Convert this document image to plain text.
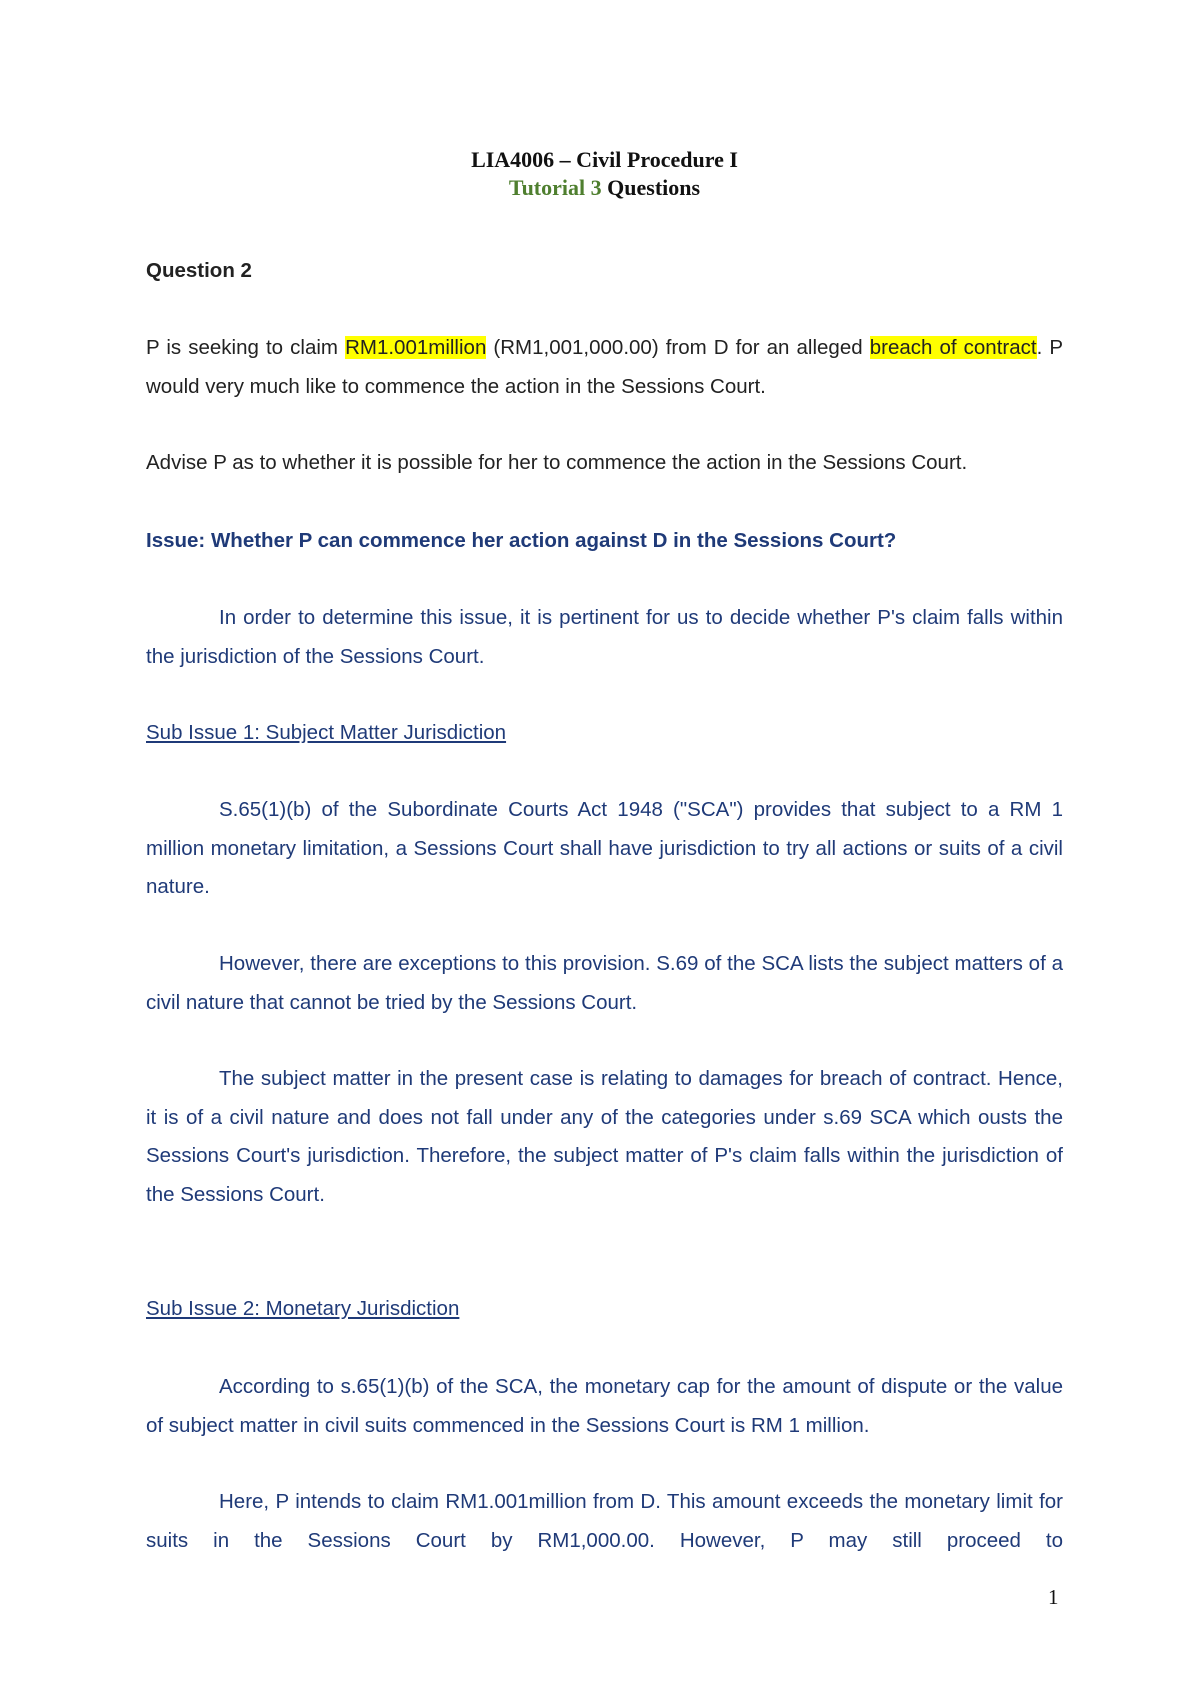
LIA4006 – Civil Procedure I
Tutorial 3 Questions
Question 2
P is seeking to claim RM1.001million (RM1,001,000.00) from D for an alleged breach of contract. P would very much like to commence the action in the Sessions Court.
Advise P as to whether it is possible for her to commence the action in the Sessions Court.
Issue: Whether P can commence her action against D in the Sessions Court?
In order to determine this issue, it is pertinent for us to decide whether P's claim falls within the jurisdiction of the Sessions Court.
Sub Issue 1: Subject Matter Jurisdiction
S.65(1)(b) of the Subordinate Courts Act 1948 ("SCA") provides that subject to a RM 1 million monetary limitation, a Sessions Court shall have jurisdiction to try all actions or suits of a civil nature.
However, there are exceptions to this provision. S.69 of the SCA lists the subject matters of a civil nature that cannot be tried by the Sessions Court.
The subject matter in the present case is relating to damages for breach of contract. Hence, it is of a civil nature and does not fall under any of the categories under s.69 SCA which ousts the Sessions Court's jurisdiction. Therefore, the subject matter of P's claim falls within the jurisdiction of the Sessions Court.
Sub Issue 2: Monetary Jurisdiction
According to s.65(1)(b) of the SCA, the monetary cap for the amount of dispute or the value of subject matter in civil suits commenced in the Sessions Court is RM 1 million.
Here, P intends to claim RM1.001million from D. This amount exceeds the monetary limit for suits in the Sessions Court by RM1,000.00. However, P may still proceed to
1
